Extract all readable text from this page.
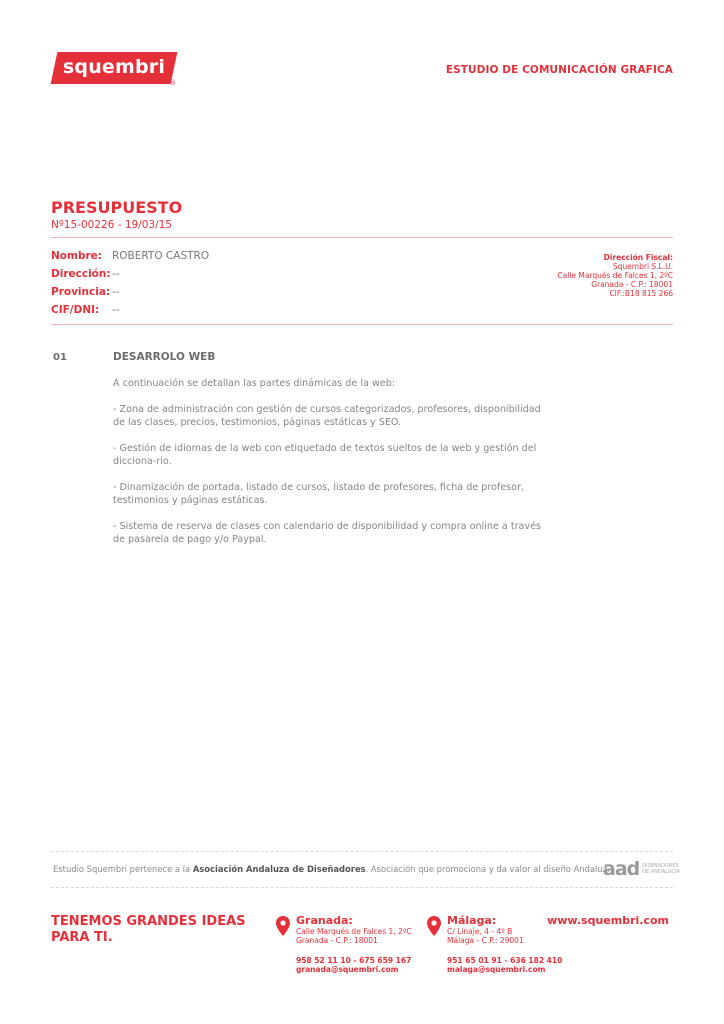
squembri
®
ESTUDIO DE COMUNICACIÓN GRAFICA
PRESUPUESTO
Nº15-00226 - 19/03/15
Nombre: ROBERTO CASTRO
Dirección: --
Provincia: --
CIF/DNI:	--
Dirección Fiscal:
Squembri S.L.U.
Calle Marqués de Falces 1, 2ºC
Granada - C.P.: 18001
CIF.:B18 815 266
01	DESARROLO WEB

A continuación se detallan las partes dinámicas de la web:

- Zona de administración con gestión de cursos categorizados, profesores, disponibilidad de las clases, precios, testimonios, páginas estáticas y SEO.

- Gestión de idiomas de la web con etiquetado de textos sueltos de la web y gestión del dicciona-rio.

- Dinamización de portada, listado de cursos, listado de profesores, ficha de profesor, testimonios y páginas estáticas.

- Sistema de reserva de clases con calendario de disponibilidad y compra online a través de pasarela de pago y/o Paypal.

Estudio Squembri pertenece a la Asociación Andaluza de Diseñadores. Asociación que promociona y da valor al diseño Andaluz.
aad DISEÑADORES
DE ANDALUCÍA
TENEMOS GRANDES IDEAS
PARA TI.
Granada:
Calle Marqués de Falces 1, 2ºC
Granada - C.P.: 18001
958 52 11 10 - 675 659 167
granada@squembri.com
Málaga:
C/ Linaje, 4 - 4º B
Málaga - C.P.: 29001
951 65 01 91 - 636 182 410
malaga@squembri.com
www.squembri.com
